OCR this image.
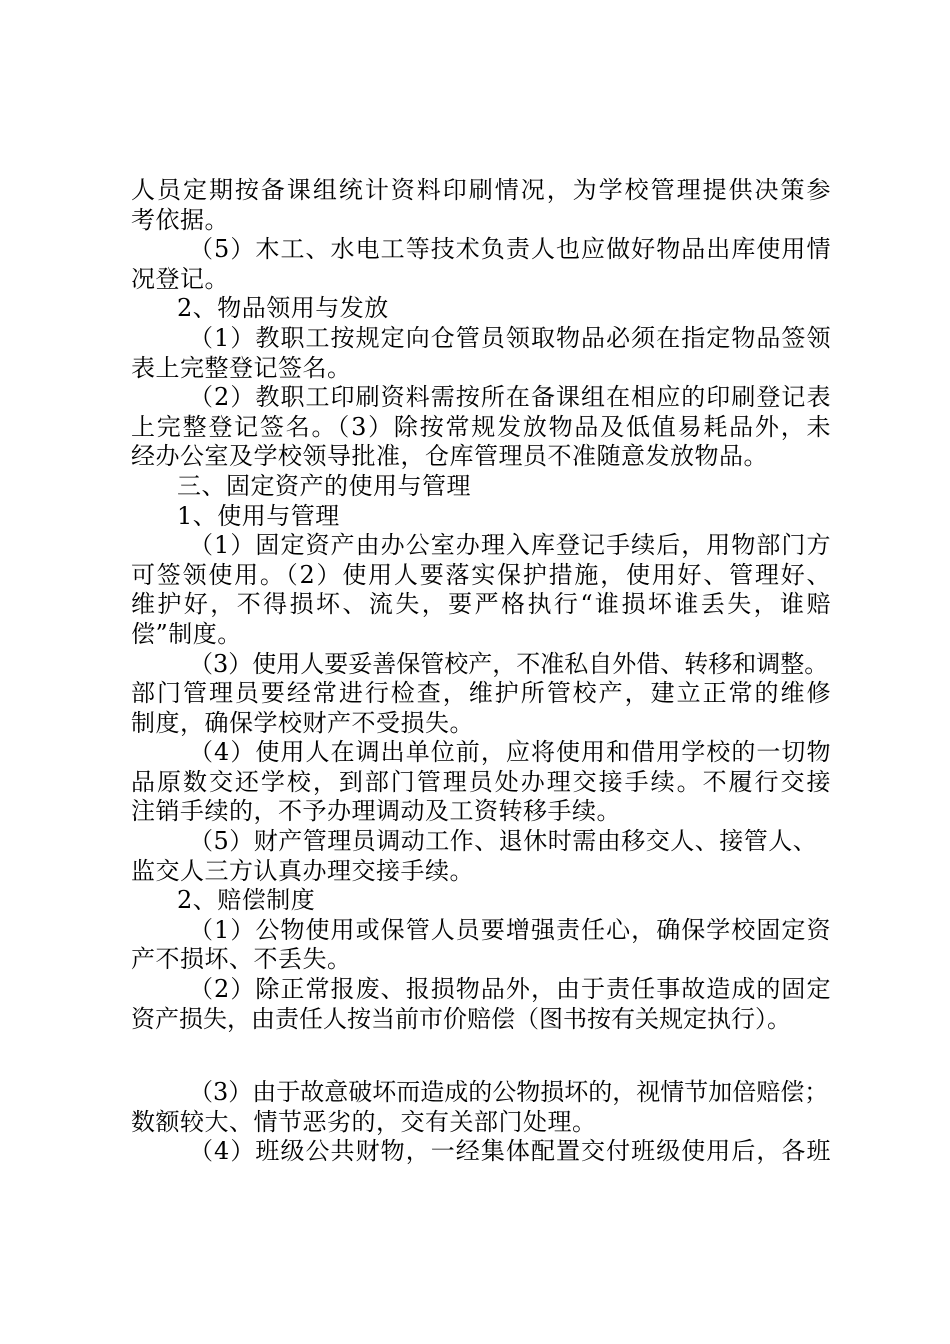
人员定期按备课组统计资料印刷情况，为学校管理提供决策参
考依据。
（5）木工、水电工等技术负责人也应做好物品出库使用情
况登记。
2、物品领用与发放
（1）教职工按规定向仓管员领取物品必须在指定物品签领
表上完整登记签名。
（2）教职工印刷资料需按所在备课组在相应的印刷登记表
上完整登记签名。（3）除按常规发放物品及低值易耗品外，未
经办公室及学校领导批准，仓库管理员不准随意发放物品。
三、固定资产的使用与管理
1、使用与管理
（1）固定资产由办公室办理入库登记手续后，用物部门方
可签领使用。（2）使用人要落实保护措施，使用好、管理好、
维护好，不得损坏、流失，要严格执行“谁损坏谁丢失，谁赔
偿”制度。
（3）使用人要妥善保管校产，不准私自外借、转移和调整。
部门管理员要经常进行检查，维护所管校产，建立正常的维修
制度，确保学校财产不受损失。
（4）使用人在调出单位前，应将使用和借用学校的一切物
品原数交还学校，到部门管理员处办理交接手续。不履行交接
注销手续的，不予办理调动及工资转移手续。
（5）财产管理员调动工作、退休时需由移交人、接管人、
监交人三方认真办理交接手续。
2、赔偿制度
（1）公物使用或保管人员要增强责任心，确保学校固定资
产不损坏、不丢失。
（2）除正常报废、报损物品外，由于责任事故造成的固定
资产损失，由责任人按当前市价赔偿（图书按有关规定执行）。
（3）由于故意破坏而造成的公物损坏的，视情节加倍赔偿；
数额较大、情节恶劣的，交有关部门处理。
（4）班级公共财物，一经集体配置交付班级使用后，各班
